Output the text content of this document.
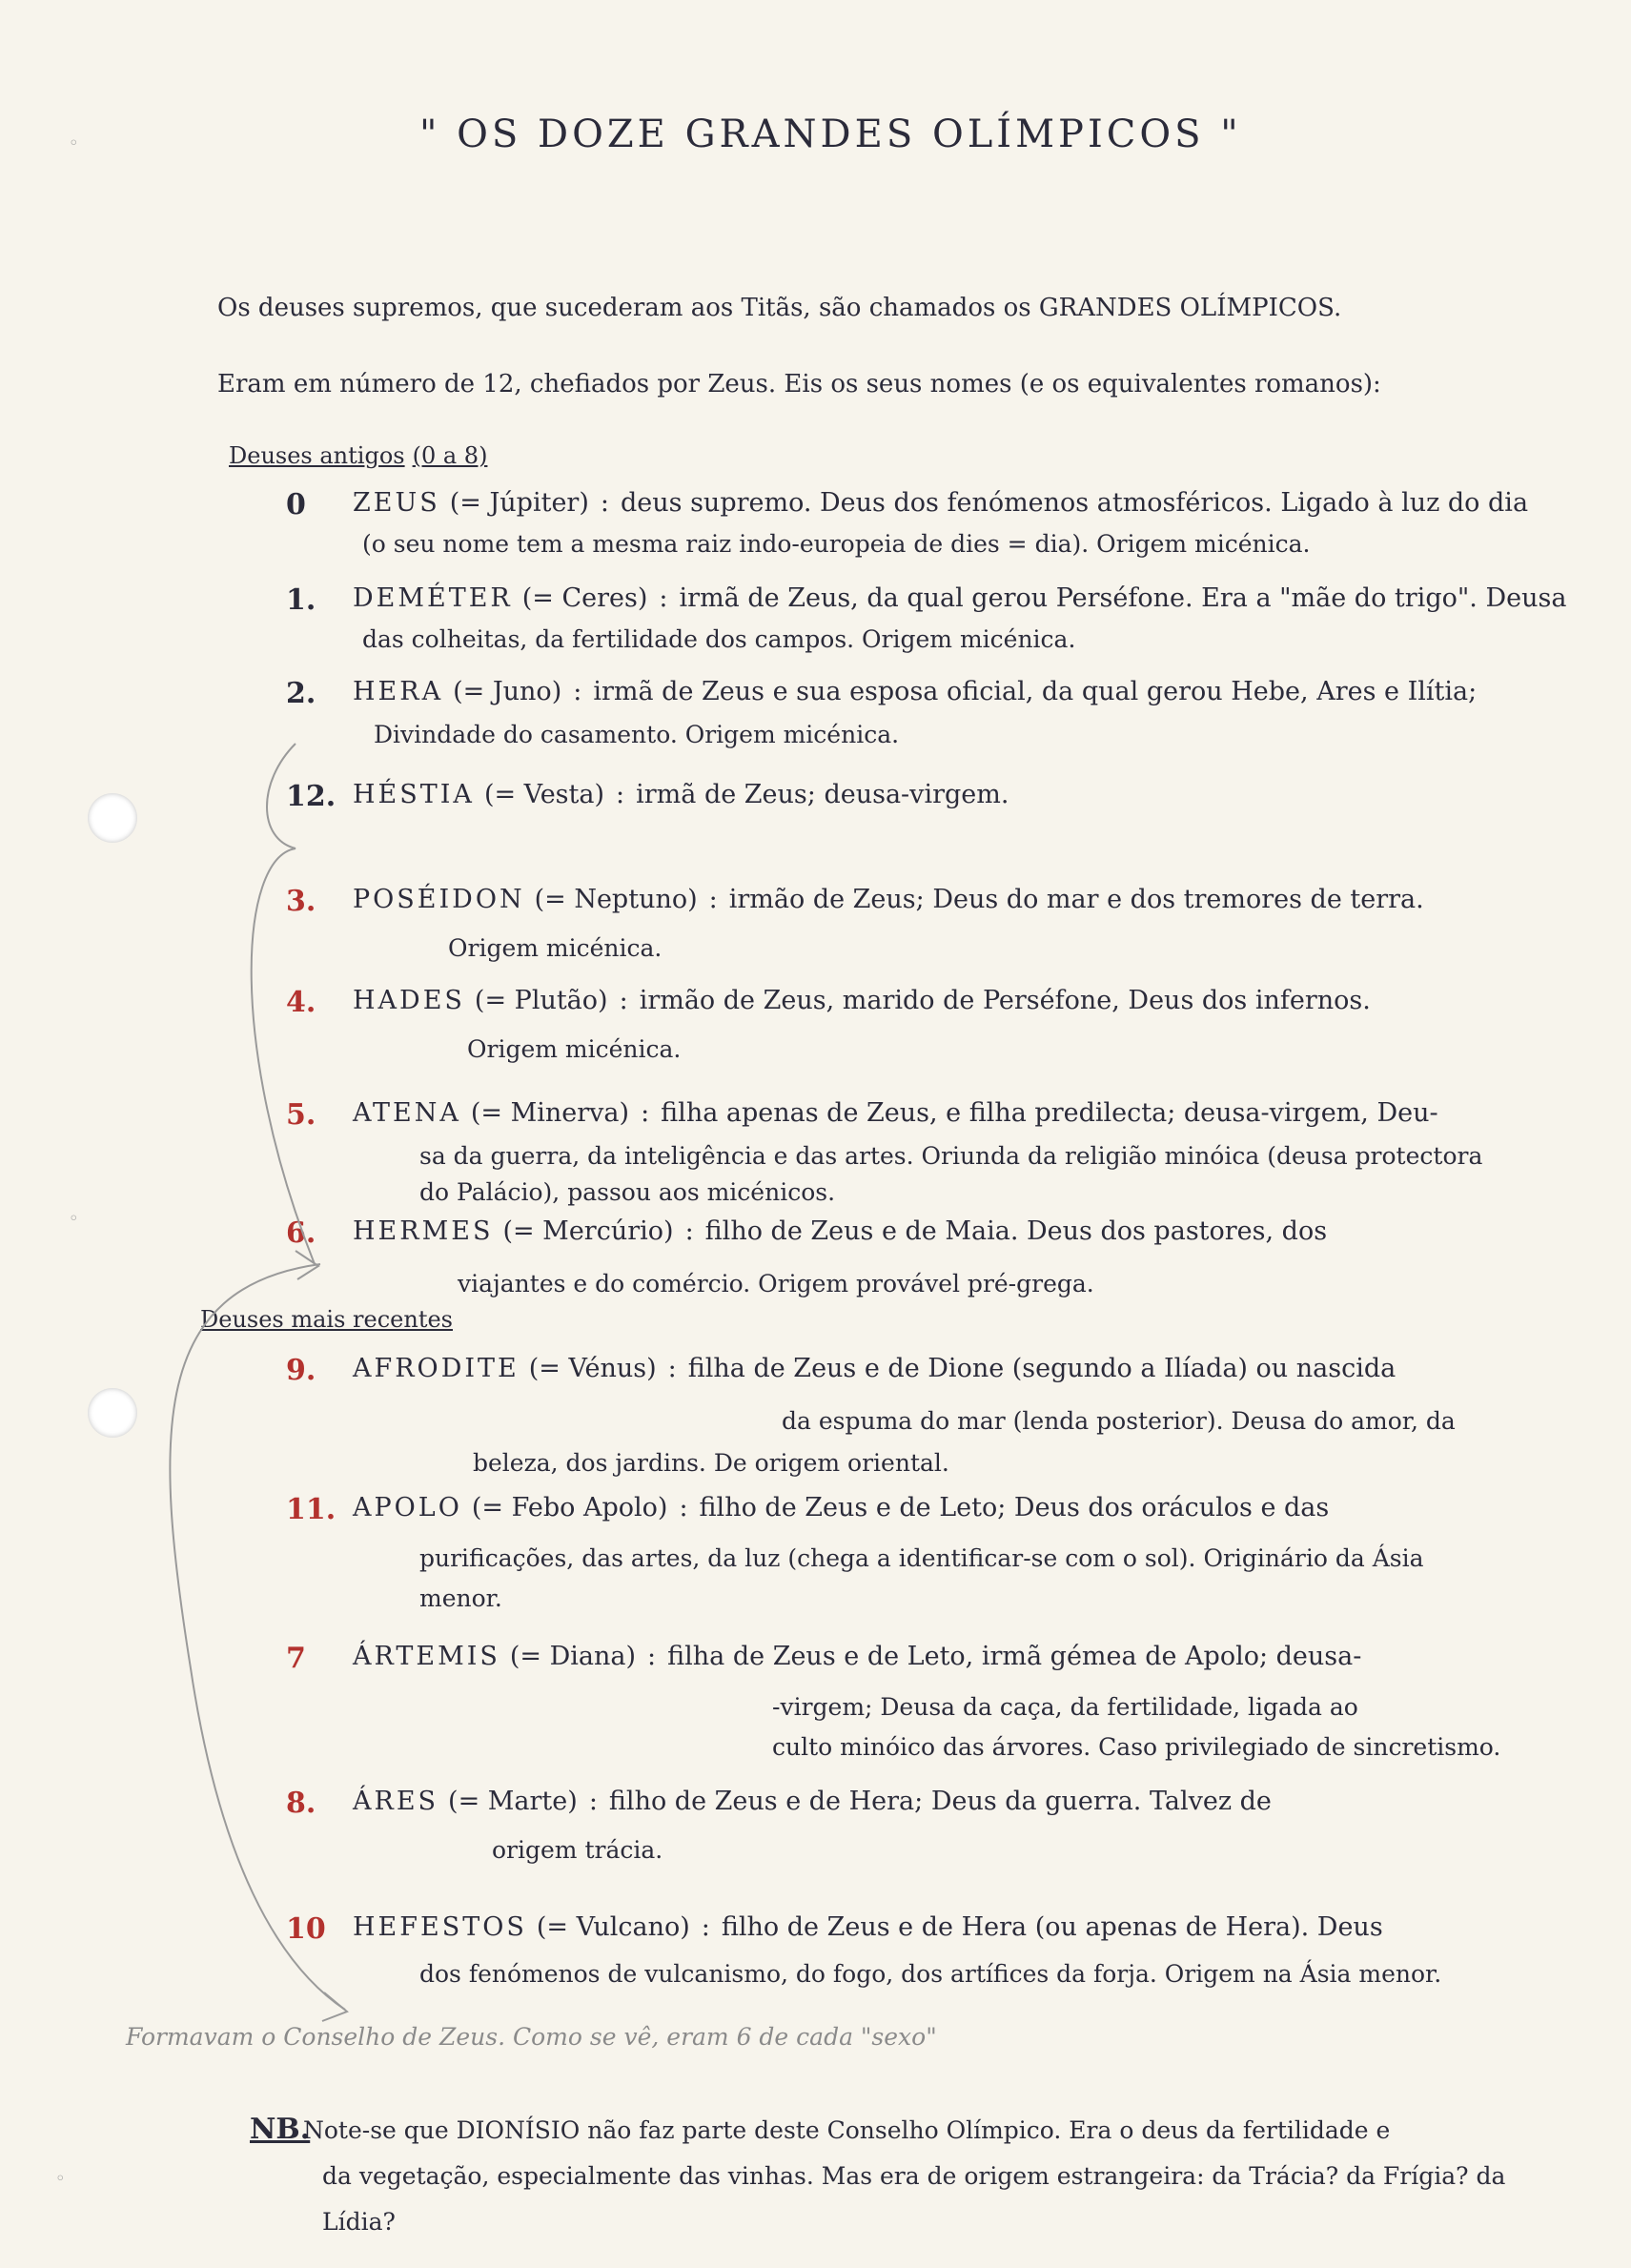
◦
◦
◦
" OS DOZE GRANDES OLÍMPICOS "
Os deuses supremos, que sucederam aos Titãs, são chamados os GRANDES OLÍMPICOS.
Eram em número de 12, chefiados por Zeus. Eis os seus nomes (e os equivalentes romanos):
Deuses antigos (0 a 8)
0	ZEUS (= Júpiter) : deus supremo. Deus dos fenómenos atmosféricos. Ligado à luz do dia
(o seu nome tem a mesma raiz indo-europeia de dies = dia). Origem micénica.
1.	DEMÉTER (= Ceres) : irmã de Zeus, da qual gerou Perséfone. Era a "mãe do trigo". Deusa
das colheitas, da fertilidade dos campos. Origem micénica.
2.	HERA (= Juno) : irmã de Zeus e sua esposa oficial, da qual gerou Hebe, Ares e Ilítia;
Divindade do casamento. Origem micénica.
12. HÉSTIA (= Vesta) : irmã de Zeus; deusa-virgem.
3.	POSÉIDON (= Neptuno) : irmão de Zeus; Deus do mar e dos tremores de terra.
Origem micénica.
4.	HADES (= Plutão) : irmão de Zeus, marido de Perséfone, Deus dos infernos.
Origem micénica.
5.	ATENA (= Minerva) : filha apenas de Zeus, e filha predilecta; deusa-virgem, Deu-
sa da guerra, da inteligência e das artes. Oriunda da religião minóica (deusa protectora
do Palácio), passou aos micénicos.
6.	HERMES (= Mercúrio) : filho de Zeus e de Maia. Deus dos pastores, dos
viajantes e do comércio. Origem provável pré-grega.
Deuses mais recentes
9.	AFRODITE (= Vénus) : filha de Zeus e de Dione (segundo a Ilíada) ou nascida
da espuma do mar (lenda posterior). Deusa do amor, da
beleza, dos jardins. De origem oriental.
11. APOLO (= Febo Apolo) : filho de Zeus e de Leto; Deus dos oráculos e das
purificações, das artes, da luz (chega a identificar-se com o sol). Originário da Ásia
menor.
7	ÁRTEMIS (= Diana) : filha de Zeus e de Leto, irmã gémea de Apolo; deusa-
-virgem; Deusa da caça, da fertilidade, ligada ao
culto minóico das árvores. Caso privilegiado de sincretismo.
8.	ÁRES (= Marte) : filho de Zeus e de Hera; Deus da guerra. Talvez de
origem trácia.
10	HEFESTOS (= Vulcano) : filho de Zeus e de Hera (ou apenas de Hera). Deus
dos fenómenos de vulcanismo, do fogo, dos artífices da forja. Origem na Ásia menor.
Formavam o Conselho de Zeus. Como se vê, eram 6 de cada "sexo"
NB.
Note-se que DIONÍSIO não faz parte deste Conselho Olímpico. Era o deus da fertilidade e
da vegetação, especialmente das vinhas. Mas era de origem estrangeira: da Trácia? da Frígia? da
Lídia?
